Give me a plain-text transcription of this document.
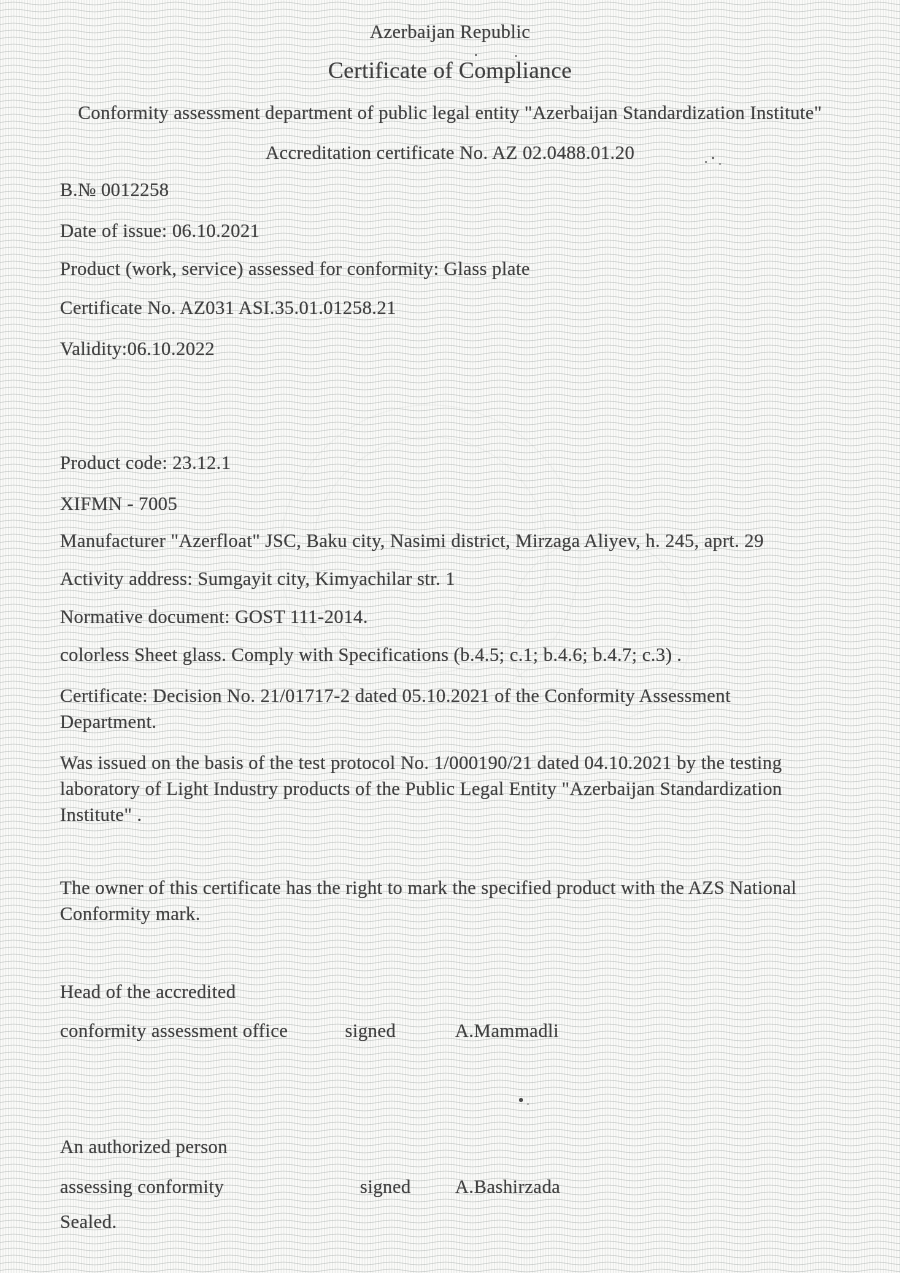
Azerbaijan Republic
Certificate of Compliance
Conformity assessment department of public legal entity "Azerbaijan Standardization Institute"
Accreditation certificate No. AZ 02.0488.01.20
B.№ 0012258
Date of issue: 06.10.2021
Product (work, service) assessed for conformity: Glass plate
Certificate No. AZ031 ASI.35.01.01258.21
Validity:06.10.2022
Product code: 23.12.1
XIFMN - 7005
Manufacturer "Azerfloat" JSC, Baku city, Nasimi district, Mirzaga Aliyev, h. 245, aprt. 29
Activity address: Sumgayit city, Kimyachilar str. 1
Normative document: GOST 111-2014.
colorless Sheet glass. Comply with Specifications (b.4.5; c.1; b.4.6; b.4.7; c.3) .
Certificate: Decision No. 21/01717-2 dated 05.10.2021 of the Conformity Assessment
Department.
Was issued on the basis of the test protocol No. 1/000190/21 dated 04.10.2021 by the testing
laboratory of Light Industry products of the Public Legal Entity "Azerbaijan Standardization
Institute" .
The owner of this certificate has the right to mark the specified product with the AZS National
Conformity mark.
Head of the accredited
conformity assessment office	signed	A.Mammadli
An authorized person
assessing conformity	signed A.Bashirzada
Sealed.
